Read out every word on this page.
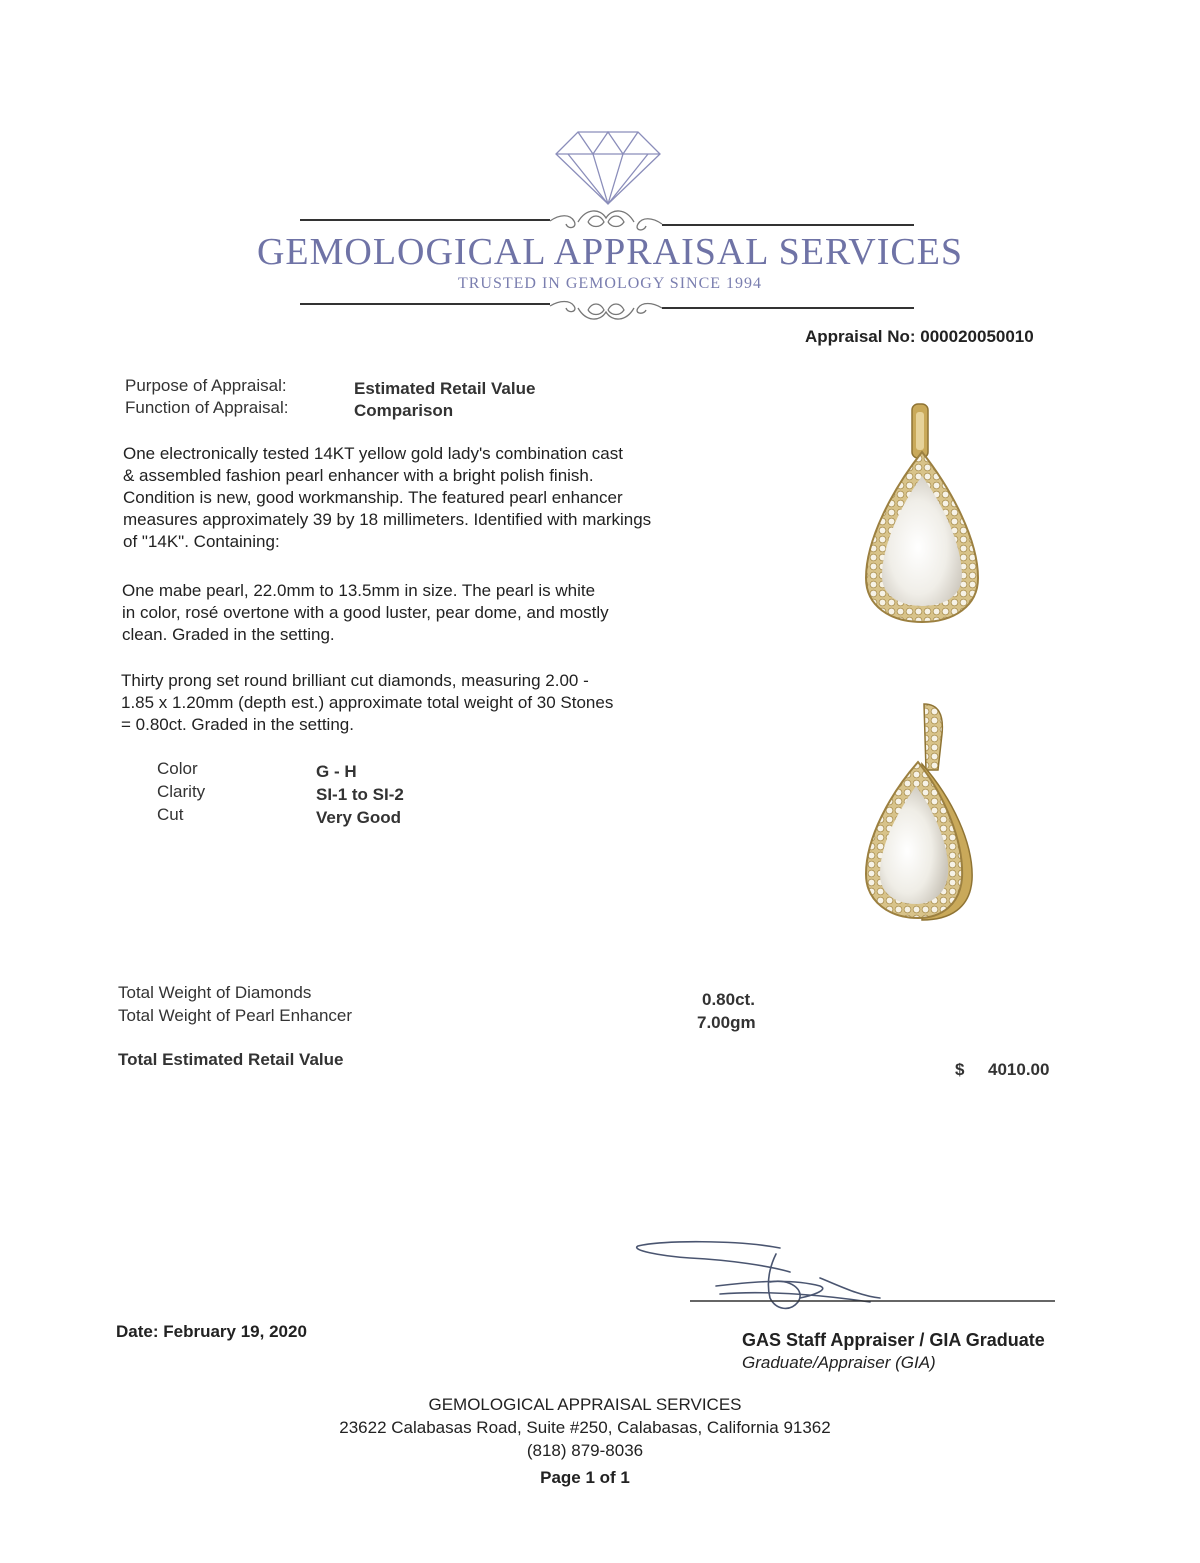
GEMOLOGICAL APPRAISAL SERVICES
TRUSTED IN GEMOLOGY SINCE 1994
Appraisal No: 000020050010
Purpose of Appraisal:	Estimated Retail Value
Function of Appraisal:	Comparison
One electronically tested 14KT yellow gold lady's combination cast
& assembled fashion pearl enhancer with a bright polish finish.
Condition is new, good workmanship. The featured pearl enhancer
measures approximately 39 by 18 millimeters. Identified with markings
of "14K". Containing:
One mabe pearl, 22.0mm to 13.5mm in size. The pearl is white
in color, rosé overtone with a good luster, pear dome, and mostly
clean. Graded in the setting.
Thirty prong set round brilliant cut diamonds, measuring 2.00 -
1.85 x 1.20mm (depth est.) approximate total weight of 30 Stones
= 0.80ct. Graded in the setting.
Color	G - H
Clarity	SI-1 to SI-2
Cut	Very Good
Total Weight of Diamonds	0.80ct.
Total Weight of Pearl Enhancer	7.00gm
Total Estimated Retail Value
$ 4010.00
Date: February 19, 2020	GAS Staff Appraiser / GIA Graduate
Graduate/Appraiser (GIA)
GEMOLOGICAL APPRAISAL SERVICES
23622 Calabasas Road, Suite #250, Calabasas, California 91362
(818) 879-8036
Page 1 of 1
